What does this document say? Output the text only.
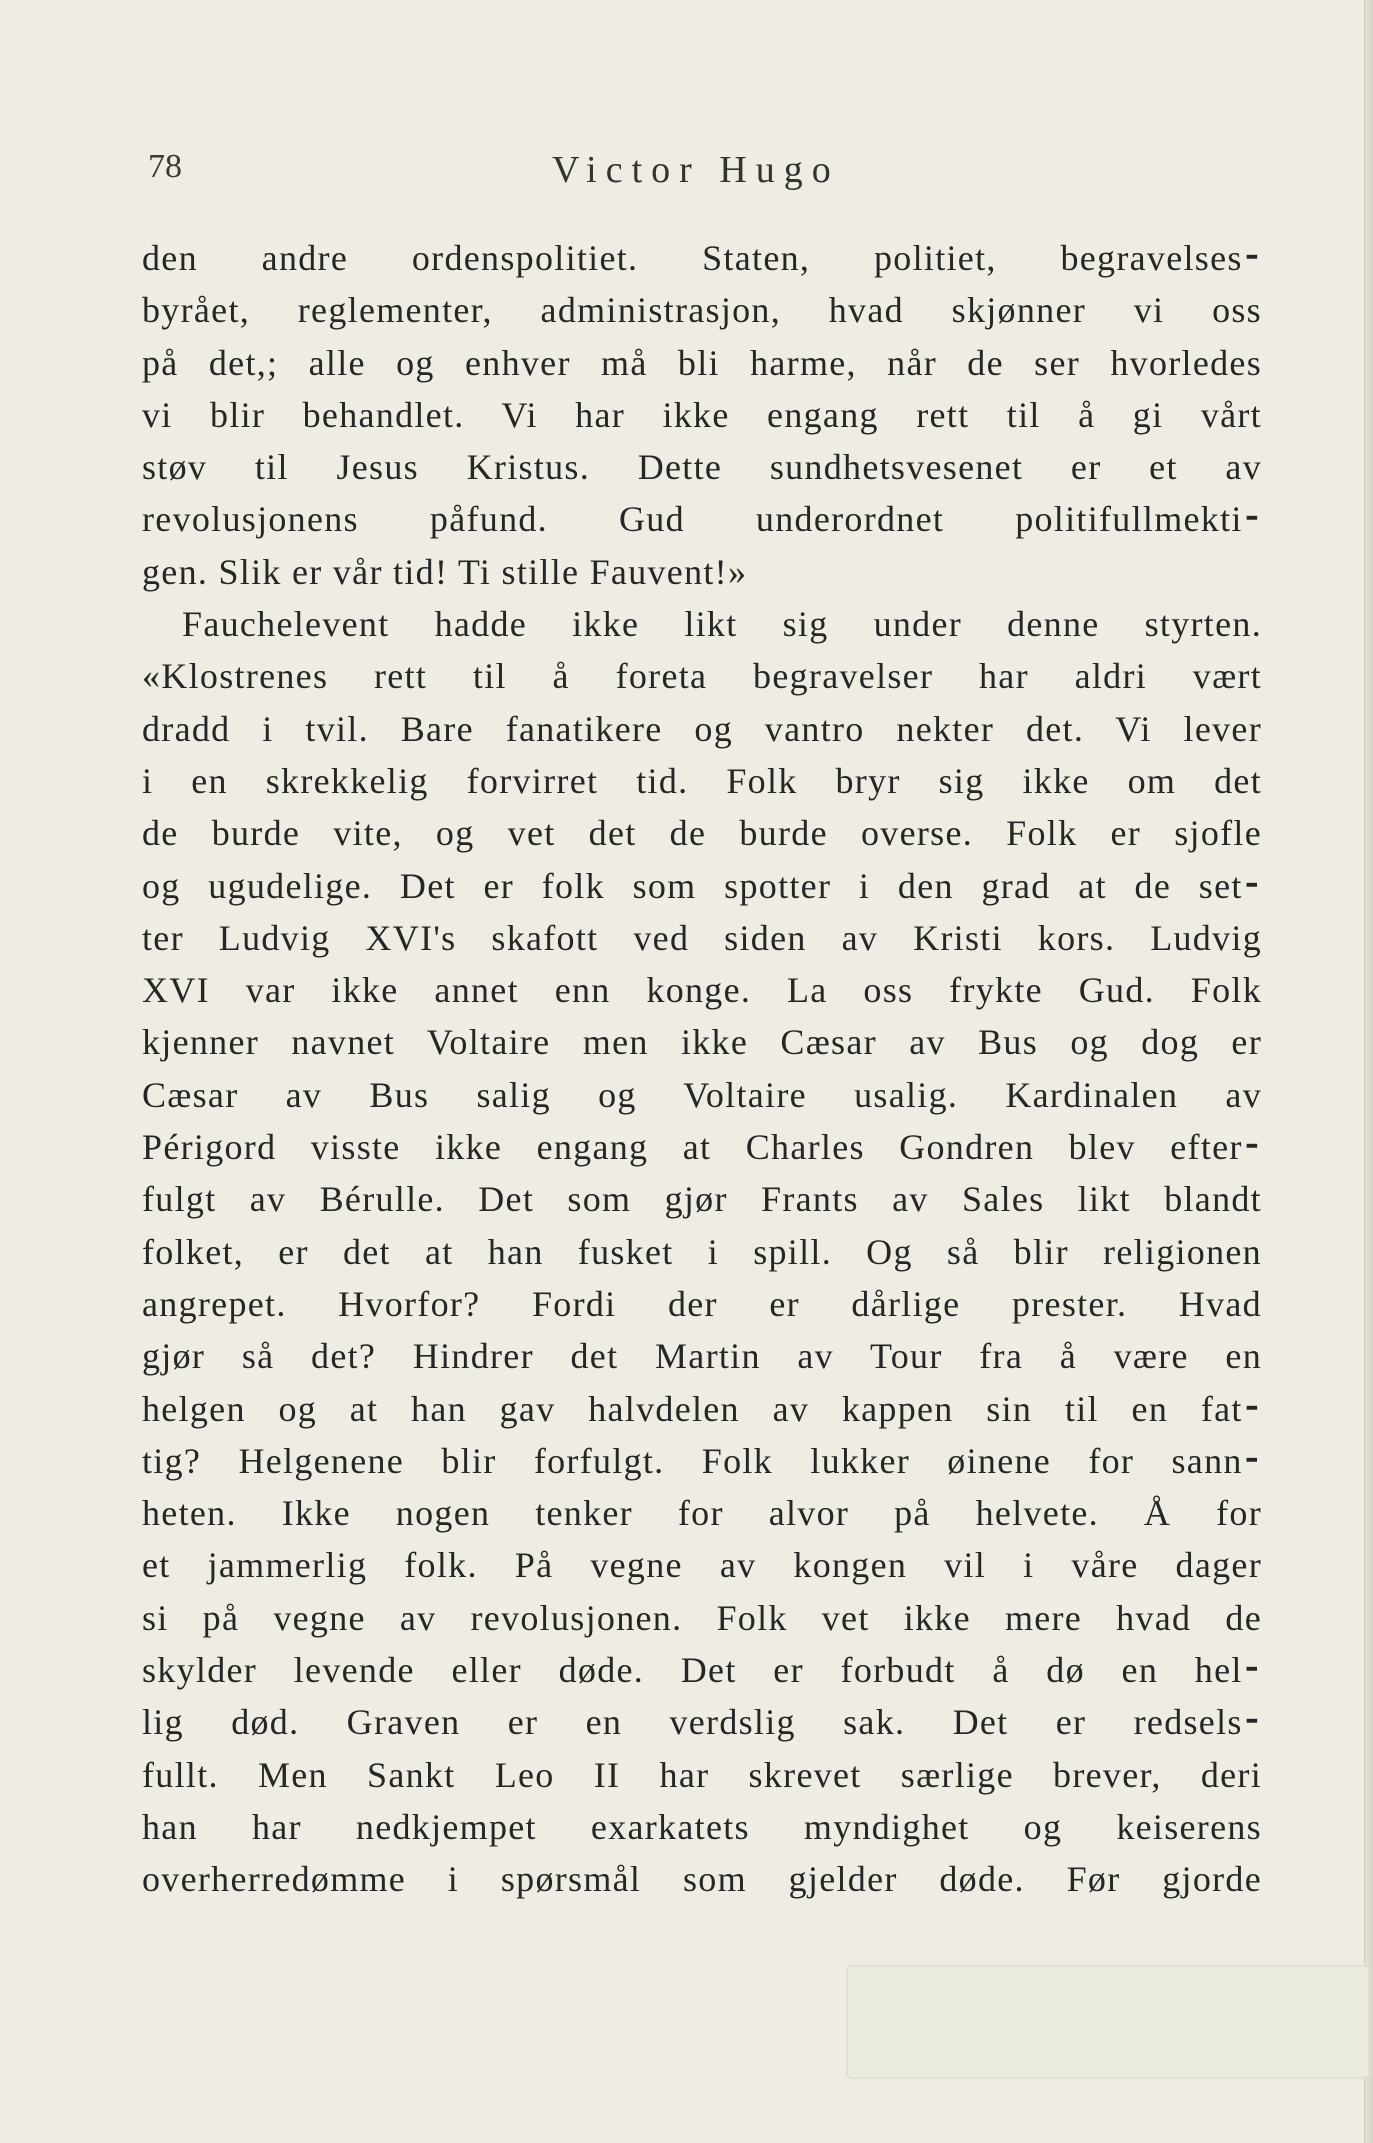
78	Victor Hugo
den andre ordenspolitiet. Staten, politiet, begravelses⁃
byrået, reglementer, administrasjon, hvad skjønner vi oss
på det,; alle og enhver må bli harme, når de ser hvorledes
vi blir behandlet. Vi har ikke engang rett til å gi vårt
støv til Jesus Kristus. Dette sundhetsvesenet er et av
revolusjonens påfund. Gud underordnet politifullmekti⁃
gen. Slik er vår tid! Ti stille Fauvent!»
Fauchelevent hadde ikke likt sig under denne styrten.
«Klostrenes rett til å foreta begravelser har aldri vært
dradd i tvil. Bare fanatikere og vantro nekter det. Vi lever
i en skrekkelig forvirret tid. Folk bryr sig ikke om det
de burde vite, og vet det de burde overse. Folk er sjofle
og ugudelige. Det er folk som spotter i den grad at de set⁃
ter Ludvig XVI's skafott ved siden av Kristi kors. Ludvig
XVI var ikke annet enn konge. La oss frykte Gud. Folk
kjenner navnet Voltaire men ikke Cæsar av Bus og dog er
Cæsar av Bus salig og Voltaire usalig. Kardinalen av
Périgord visste ikke engang at Charles Gondren blev efter⁃
fulgt av Bérulle. Det som gjør Frants av Sales likt blandt
folket, er det at han fusket i spill. Og så blir religionen
angrepet. Hvorfor? Fordi der er dårlige prester. Hvad
gjør så det? Hindrer det Martin av Tour fra å være en
helgen og at han gav halvdelen av kappen sin til en fat⁃
tig? Helgenene blir forfulgt. Folk lukker øinene for sann⁃
heten. Ikke nogen tenker for alvor på helvete. Å for
et jammerlig folk. På vegne av kongen vil i våre dager
si på vegne av revolusjonen. Folk vet ikke mere hvad de
skylder levende eller døde. Det er forbudt å dø en hel⁃
lig død. Graven er en verdslig sak. Det er redsels⁃
fullt. Men Sankt Leo II har skrevet særlige brever, deri
han har nedkjempet exarkatets myndighet og keiserens
overherredømme i spørsmål som gjelder døde. Før gjorde
